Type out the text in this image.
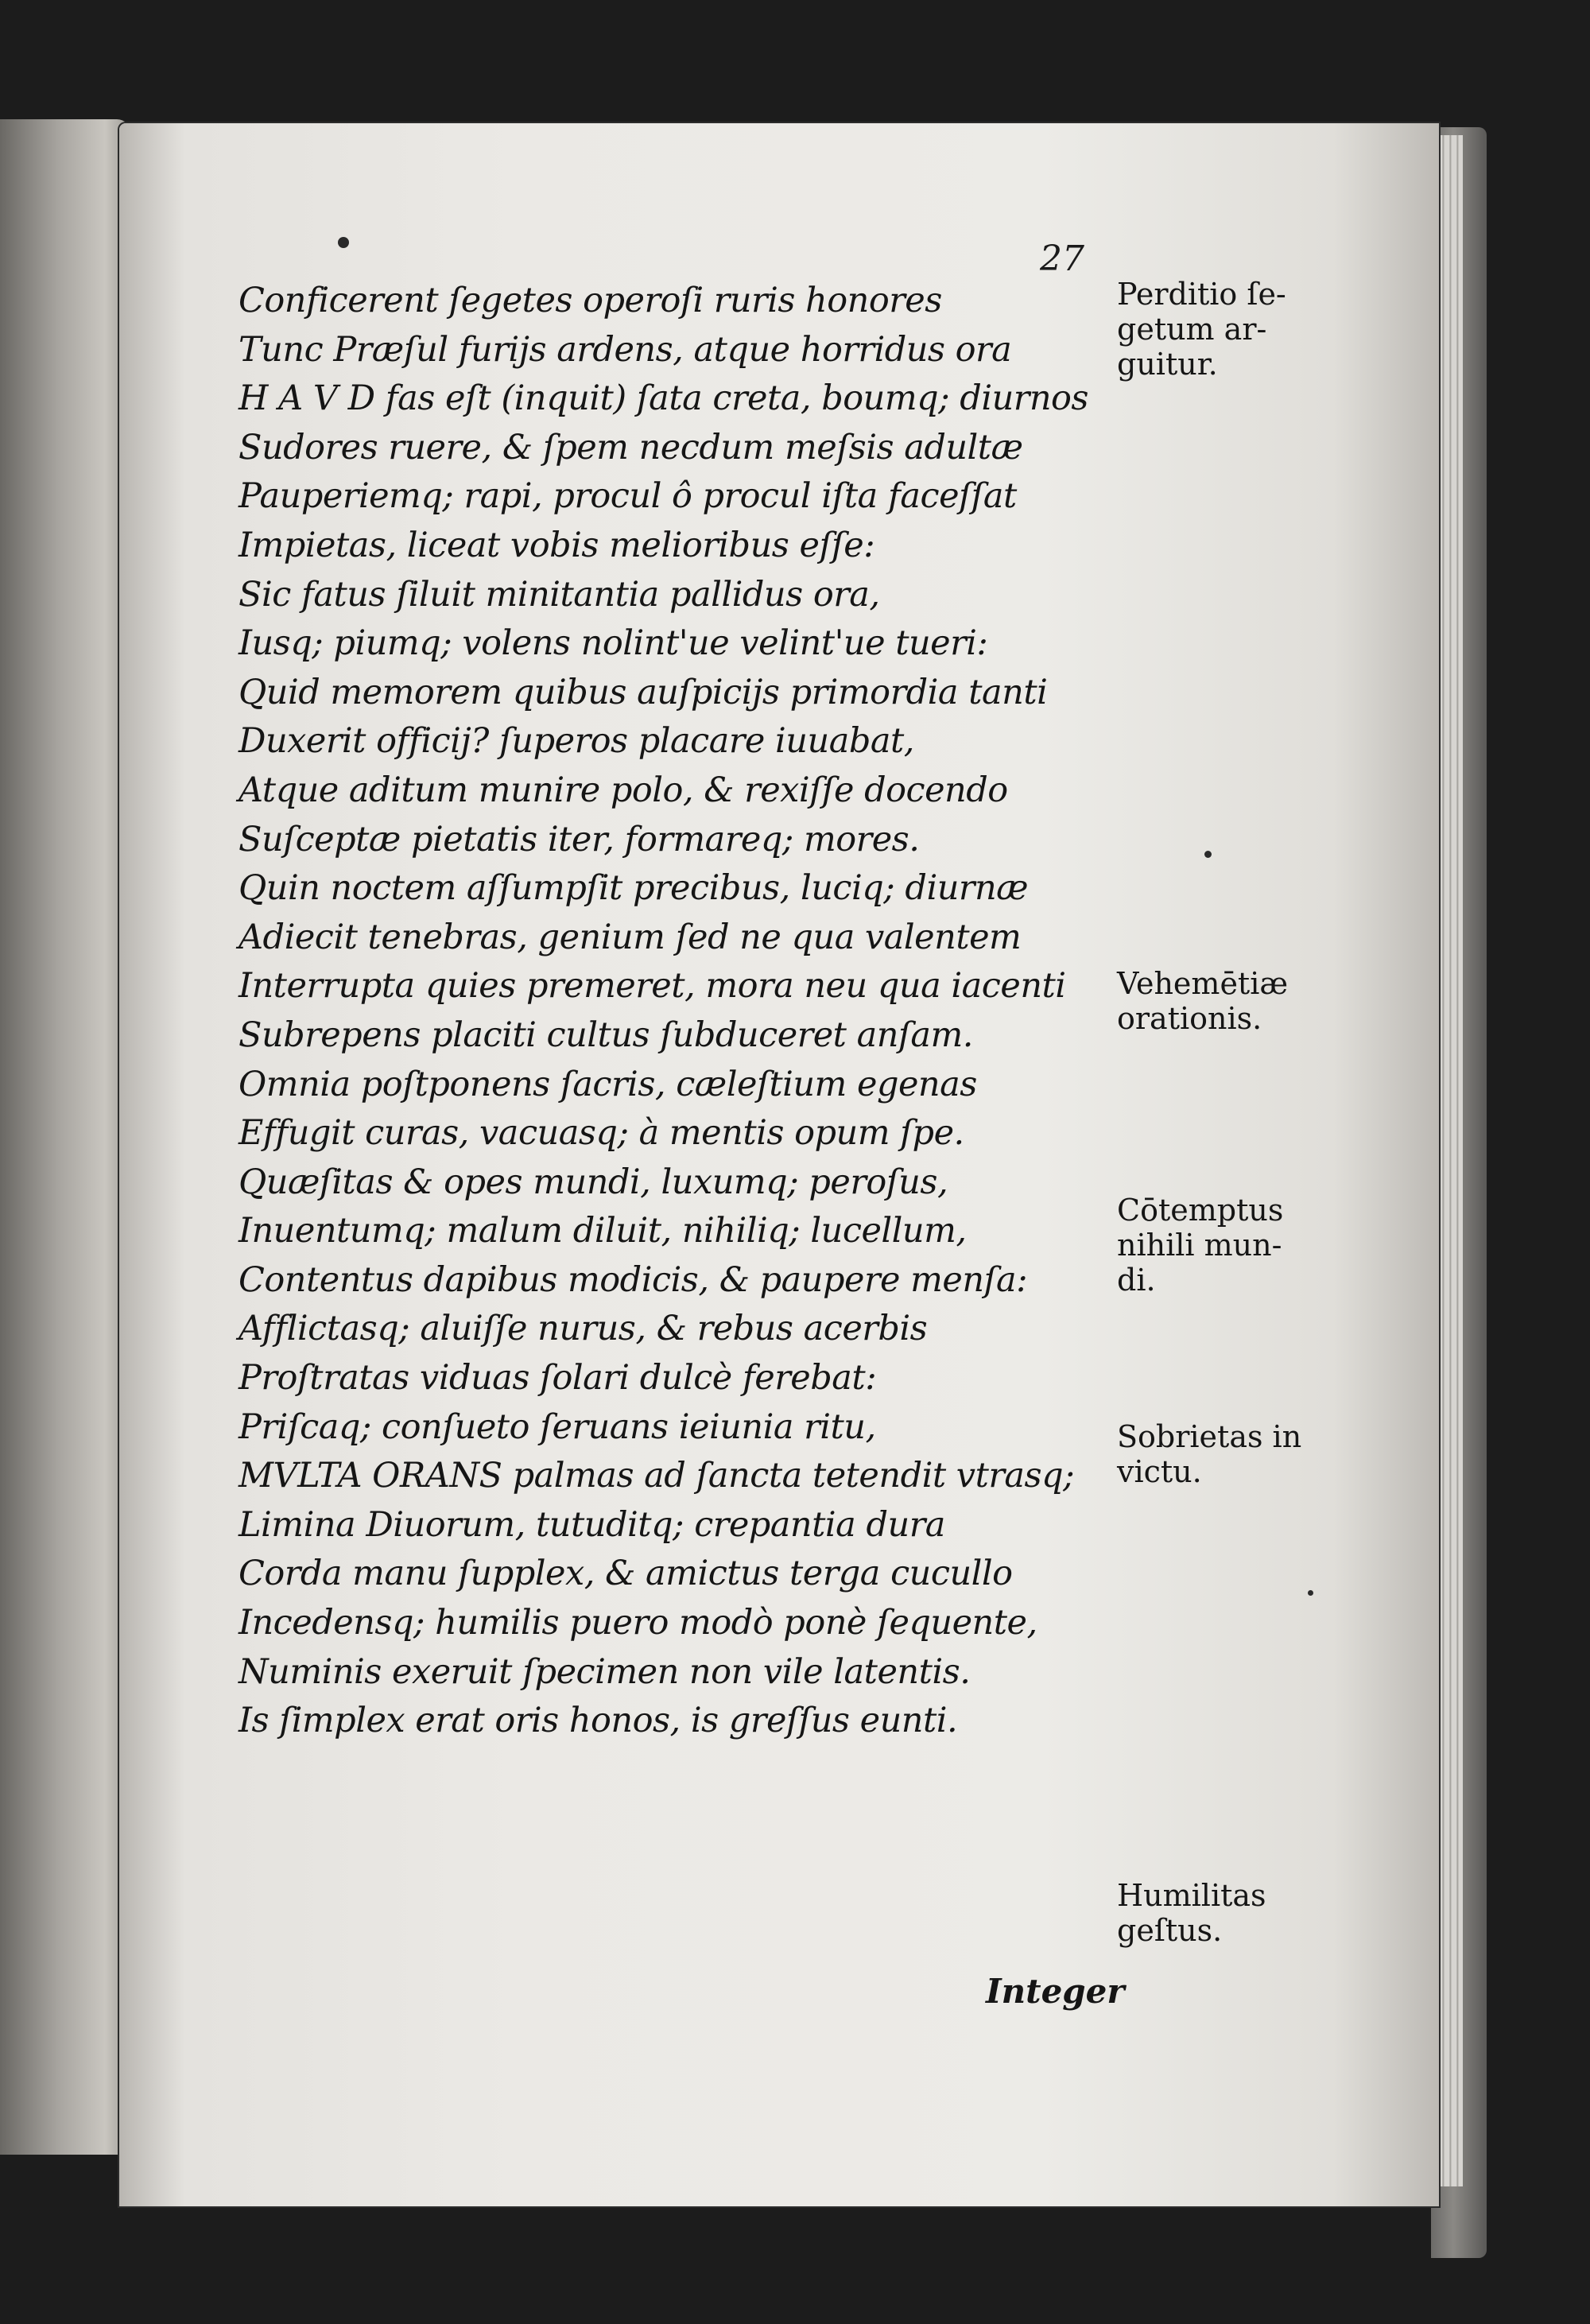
27
Conficerent ſegetes operoſi ruris honores
Tunc Præſul furijs ardens, atque horridus ora
H A V D fas eſt (inquit) ſata creta, boumq; diurnos
Sudores ruere, & ſpem necdum meſsis adultæ
Pauperiemq; rapi, procul ô procul iſta faceſſat
Impietas, liceat vobis melioribus eſſe:
Sic fatus ſiluit minitantia pallidus ora,
Iusq; piumq; volens nolint'ue velint'ue tueri:
Quid memorem quibus auſpicijs primordia tanti
Duxerit officij? ſuperos placare iuuabat,
Atque aditum munire polo, & rexiſſe docendo
Suſceptæ pietatis iter, formareq; mores.
Quin noctem aſſumpſit precibus, luciq; diurnæ
Adiecit tenebras, genium ſed ne qua valentem
Interrupta quies premeret, mora neu qua iacenti
Subrepens placiti cultus ſubduceret anſam.
Omnia poſtponens ſacris, cæleſtium egenas
Effugit curas, vacuasq; à mentis opum ſpe.
Quæſitas & opes mundi, luxumq; peroſus,
Inuentumq; malum diluit, nihiliq; lucellum,
Contentus dapibus modicis, & paupere menſa:
Afflictasq; aluiſſe nurus, & rebus acerbis
Proſtratas viduas ſolari dulcè ferebat:
Priſcaq; conſueto ſeruans ieiunia ritu,
MVLTA ORANS palmas ad ſancta tetendit vtrasq;
Limina Diuorum, tutuditq; crepantia dura
Corda manu ſupplex, & amictus terga cucullo
Incedensq; humilis puero modò ponè ſequente,
Numinis exeruit ſpecimen non vile latentis.
Is ſimplex erat oris honos, is greſſus eunti.
Integer
Perditio ſe-
getum ar-
guitur.
Vehemētiæ
orationis.
Cōtemptus
nihili mun-
di.
Sobrietas in
victu.
Humilitas
geſtus.
